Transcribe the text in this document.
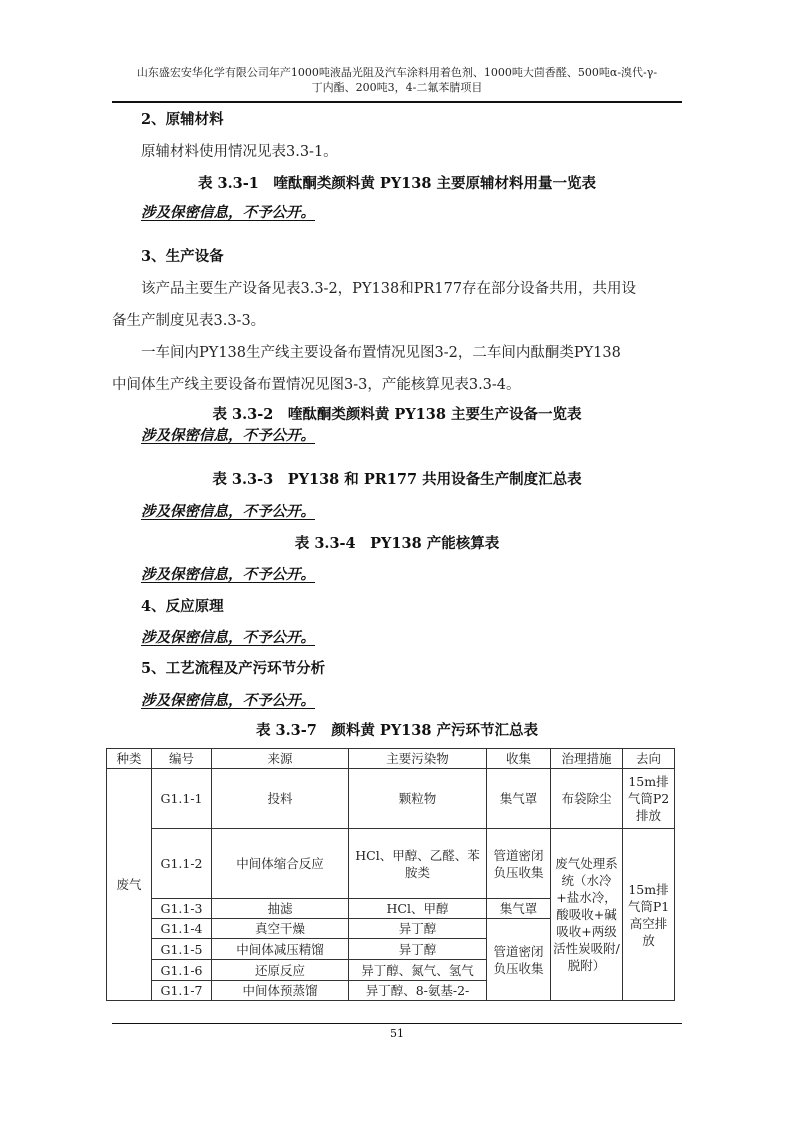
山东盛宏安华化学有限公司年产1000吨液晶光阻及汽车涂料用着色剂、1000吨大茴香醛、500吨α-溴代-γ-
丁内酯、200吨3，4-二氟苯腈项目
2、原辅材料
原辅材料使用情况见表3.3-1。
表 3.3-1　喹酞酮类颜料黄 PY138 主要原辅材料用量一览表
涉及保密信息，不予公开。
3、生产设备
该产品主要生产设备见表3.3-2，PY138和PR177存在部分设备共用，共用设
备生产制度见表3.3-3。
一车间内PY138生产线主要设备布置情况见图3-2，二车间内酞酮类PY138
中间体生产线主要设备布置情况见图3-3，产能核算见表3.3-4。
表 3.3-2　喹酞酮类颜料黄 PY138 主要生产设备一览表
涉及保密信息，不予公开。
表 3.3-3　PY138 和 PR177 共用设备生产制度汇总表
涉及保密信息，不予公开。
表 3.3-4　PY138 产能核算表
涉及保密信息，不予公开。
4、反应原理
涉及保密信息，不予公开。
5、工艺流程及产污环节分析
涉及保密信息，不予公开。
表 3.3-7　颜料黄 PY138 产污环节汇总表
种类	编号	来源	主要污染物	收集	治理措施	去向
废气	G1.1-1	投料	颗粒物	集气罩	布袋除尘	15m排气筒P2排放
	G1.1-2	中间体缩合反应	HCl、甲醇、乙醛、苯胺类	管道密闭负压收集	废气处理系统（水冷+盐水冷，酸吸收+碱吸收+两级活性炭吸附/脱附）	15m排气筒P1高空排放
	G1.1-3	抽滤	HCl、甲醇	集气罩		
	G1.1-4	真空干燥	异丁醇	管道密闭负压收集		
	G1.1-5	中间体减压精馏	异丁醇			
	G1.1-6	还原反应	异丁醇、氮气、氢气			
	G1.1-7	中间体预蒸馏	异丁醇、8-氨基-2-			
51
